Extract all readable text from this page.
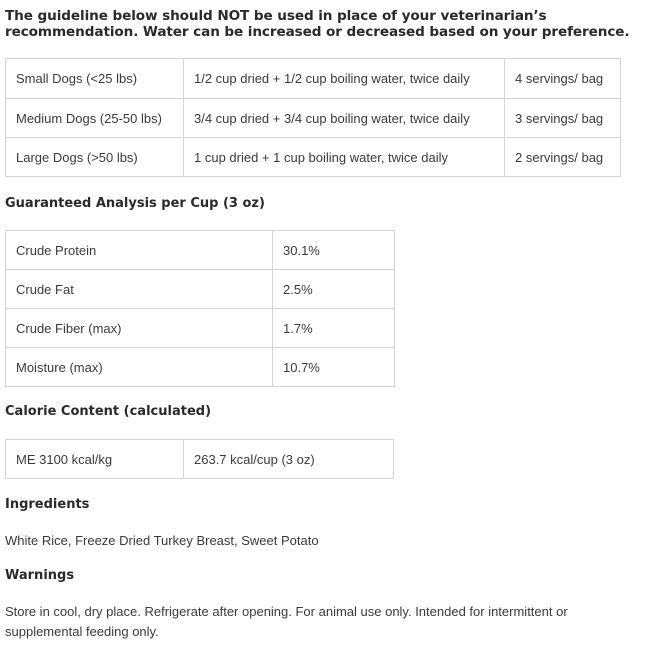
The guideline below should NOT be used in place of your veterinarian’s recommendation. Water can be increased or decreased based on your preference.
Small Dogs (<25 lbs)	1/2 cup dried + 1/2 cup boiling water, twice daily	4 servings/ bag
Medium Dogs (25-50 lbs)	3/4 cup dried + 3/4 cup boiling water, twice daily	3 servings/ bag
Large Dogs (>50 lbs)	1 cup dried + 1 cup boiling water, twice daily	2 servings/ bag
Guaranteed Analysis per Cup (3 oz)
Crude Protein	30.1%
Crude Fat	2.5%
Crude Fiber (max)	1.7%
Moisture (max)	10.7%
Calorie Content (calculated)
ME 3100 kcal/kg	263.7 kcal/cup (3 oz)
Ingredients

White Rice, Freeze Dried Turkey Breast, Sweet Potato

Warnings

Store in cool, dry place. Refrigerate after opening. For animal use only. Intended for intermittent or supplemental feeding only.
